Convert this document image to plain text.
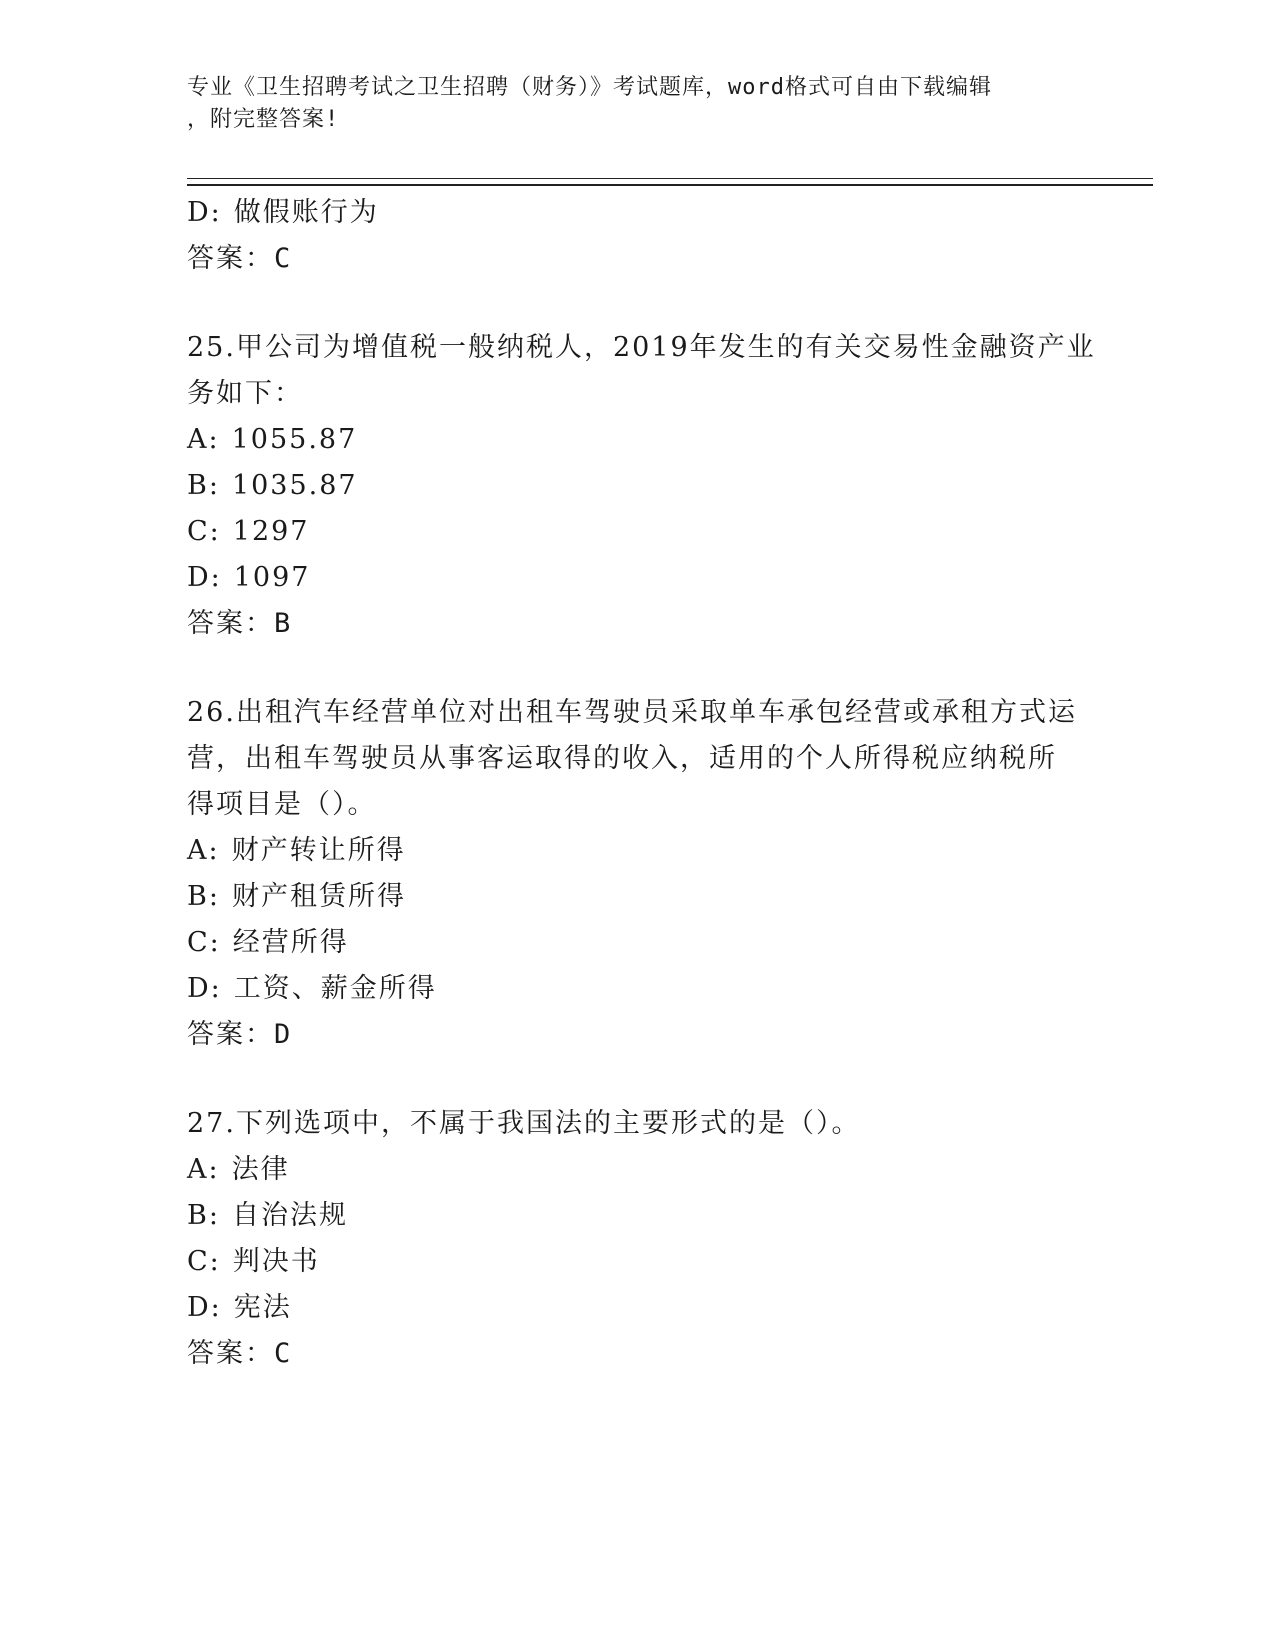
专业《卫生招聘考试之卫生招聘（财务）》考试题库，word格式可自由下载编辑
，附完整答案!
D: 做假账行为
答案：C
25.甲公司为增值税一般纳税人，2019年发生的有关交易性金融资产业
务如下：
A: 1055.87
B: 1035.87
C: 1297
D: 1097
答案：B
26.出租汽车经营单位对出租车驾驶员采取单车承包经营或承租方式运
营，出租车驾驶员从事客运取得的收入，适用的个人所得税应纳税所
得项目是（）。
A: 财产转让所得
B: 财产租赁所得
C: 经营所得
D: 工资、薪金所得
答案：D
27.下列选项中，不属于我国法的主要形式的是（）。
A: 法律
B: 自治法规
C: 判决书
D: 宪法
答案：C
